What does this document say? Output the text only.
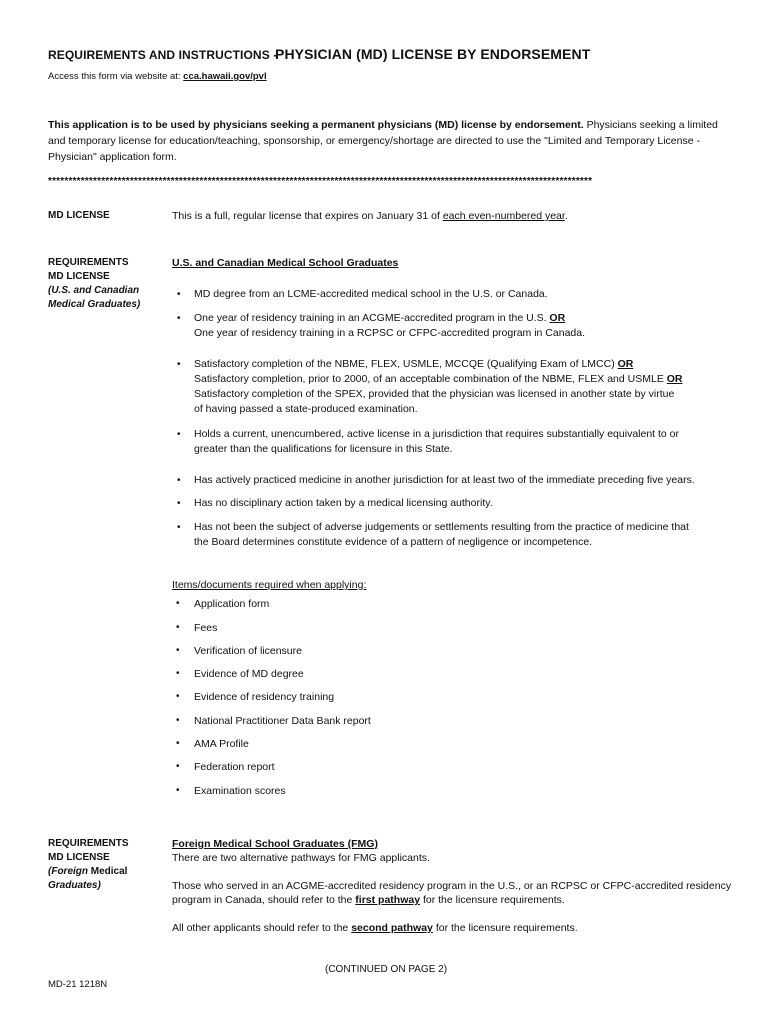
REQUIREMENTS AND INSTRUCTIONS -
PHYSICIAN (MD) LICENSE BY ENDORSEMENT
Access this form via website at: cca.hawaii.gov/pvl
This application is to be used by physicians seeking a permanent physicians (MD) license by endorsement. Physicians seeking a limited and temporary license for education/teaching, sponsorship, or emergency/shortage are directed to use the "Limited and Temporary License - Physician" application form.
*************************************************************************************************************************************
MD LICENSE	This is a full, regular license that expires on January 31 of each even-numbered year.
REQUIREMENTS
MD LICENSE
(U.S. and Canadian
Medical Graduates)
U.S. and Canadian Medical School Graduates
• MD degree from an LCME-accredited medical school in the U.S. or Canada.
• One year of residency training in an ACGME-accredited program in the U.S. OR
One year of residency training in a RCPSC or CFPC-accredited program in Canada.
• Satisfactory completion of the NBME, FLEX, USMLE, MCCQE (Qualifying Exam of LMCC) OR
Satisfactory completion, prior to 2000, of an acceptable combination of the NBME, FLEX and USMLE OR
Satisfactory completion of the SPEX, provided that the physician was licensed in another state by virtue
of having passed a state-produced examination.
• Holds a current, unencumbered, active license in a jurisdiction that requires substantially equivalent to or
greater than the qualifications for licensure in this State.
• Has actively practiced medicine in another jurisdiction for at least two of the immediate preceding five years.
• Has no disciplinary action taken by a medical licensing authority.
• Has not been the subject of adverse judgements or settlements resulting from the practice of medicine that
the Board determines constitute evidence of a pattern of negligence or incompetence.
Items/documents required when applying:
• Application form
• Fees
• Verification of licensure
• Evidence of MD degree
• Evidence of residency training
• National Practitioner Data Bank report
• AMA Profile
• Federation report
• Examination scores
REQUIREMENTS
MD LICENSE
(Foreign Medical
Graduates)
Foreign Medical School Graduates (FMG)
There are two alternative pathways for FMG applicants.
Those who served in an ACGME-accredited residency program in the U.S., or an RCPSC or CFPC-accredited residency
program in Canada, should refer to the first pathway for the licensure requirements.
All other applicants should refer to the second pathway for the licensure requirements.
(CONTINUED ON PAGE 2)
MD-21 1218N
